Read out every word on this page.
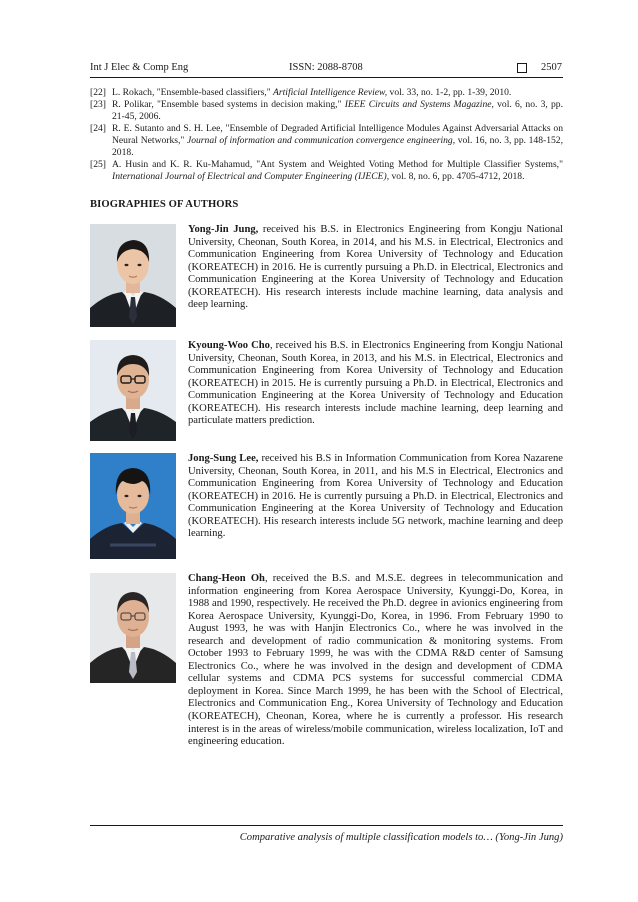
Int J Elec & Comp Eng	ISSN: 2088-8708	2507
[22] L. Rokach, "Ensemble-based classifiers," Artificial Intelligence Review, vol. 33, no. 1-2, pp. 1-39, 2010.
[23] R. Polikar, "Ensemble based systems in decision making," IEEE Circuits and Systems Magazine, vol. 6, no. 3, pp. 21-45, 2006.
[24] R. E. Sutanto and S. H. Lee, "Ensemble of Degraded Artificial Intelligence Modules Against Adversarial Attacks on Neural Networks," Journal of information and communication convergence engineering, vol. 16, no. 3, pp. 148-152, 2018.
[25] A. Husin and K. R. Ku-Mahamud, "Ant System and Weighted Voting Method for Multiple Classifier Systems," International Journal of Electrical and Computer Engineering (IJECE), vol. 8, no. 6, pp. 4705-4712, 2018.
BIOGRAPHIES OF AUTHORS
Yong-Jin Jung, received his B.S. in Electronics Engineering from Kongju National University, Cheonan, South Korea, in 2014, and his M.S. in Electrical, Electronics and Communication Engineering from Korea University of Technology and Education (KOREATECH) in 2016. He is currently pursuing a Ph.D. in Electrical, Electronics and Communication Engineering at the Korea University of Technology and Education (KOREATECH). His research interests include machine learning, data analysis and deep learning.
Kyoung-Woo Cho, received his B.S. in Electronics Engineering from Kongju National University, Cheonan, South Korea, in 2013, and his M.S. in Electrical, Electronics and Communication Engineering from Korea University of Technology and Education (KOREATECH) in 2015. He is currently pursuing a Ph.D. in Electrical, Electronics and Communication Engineering at the Korea University of Technology and Education (KOREATECH). His research interests include machine learning, deep learning and particulate matters prediction.
Jong-Sung Lee, received his B.S in Information Communication from Korea Nazarene University, Cheonan, South Korea, in 2011, and his M.S in Electrical, Electronics and Communication Engineering from Korea University of Technology and Education (KOREATECH) in 2016. He is currently pursuing a Ph.D. in Electrical, Electronics and Communication Engineering at the Korea University of Technology and Education (KOREATECH). His research interests include 5G network, machine learning and deep learning.
Chang-Heon Oh, received the B.S. and M.S.E. degrees in telecommunication and information engineering from Korea Aerospace University, Kyunggi-Do, Korea, in 1988 and 1990, respectively. He received the Ph.D. degree in avionics engineering from Korea Aerospace University, Kyunggi-Do, Korea, in 1996. From February 1990 to August 1993, he was with Hanjin Electronics Co., where he was involved in the research and development of radio communication & monitoring systems. From October 1993 to February 1999, he was with the CDMA R&D center of Samsung Electronics Co., where he was involved in the design and development of CDMA cellular systems and CDMA PCS systems for successful commercial CDMA deployment in Korea. Since March 1999, he has been with the School of Electrical, Electronics and Communication Eng., Korea University of Technology and Education (KOREATECH), Cheonan, Korea, where he is currently a professor. His research interest is in the areas of wireless/mobile communication, wireless localization, IoT and engineering education.
Comparative analysis of multiple classification models to… (Yong-Jin Jung)
